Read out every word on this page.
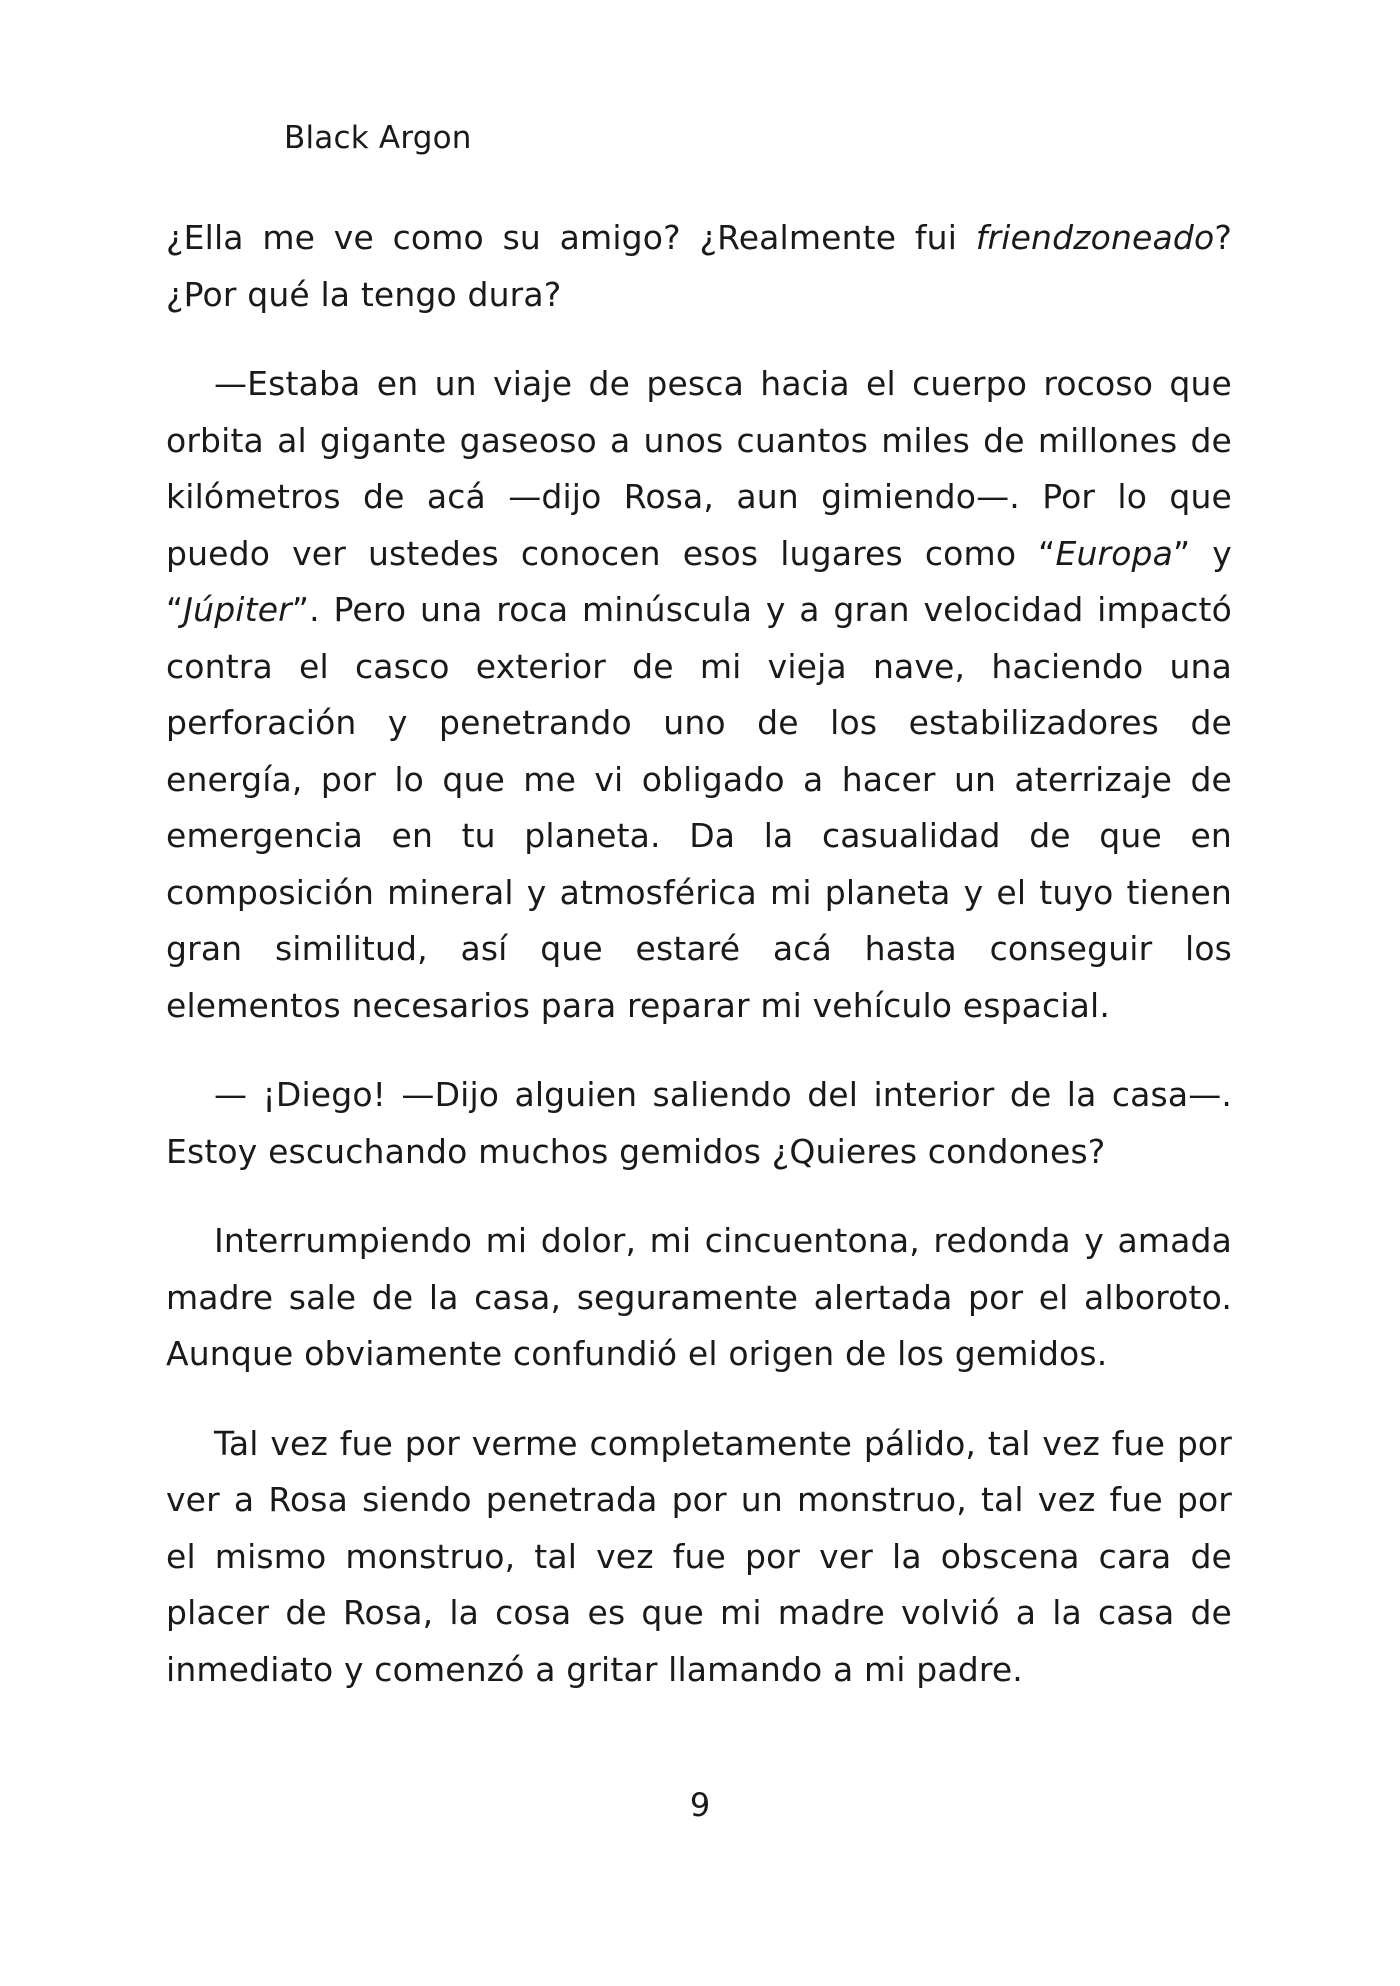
Black Argon

¿Ella me ve como su amigo? ¿Realmente fui friendzoneado? ¿Por qué la tengo dura?

—Estaba en un viaje de pesca hacia el cuerpo rocoso que orbita al gigante gaseoso a unos cuantos miles de millones de kilómetros de acá —dijo Rosa, aun gimiendo—. Por lo que puedo ver ustedes conocen esos lugares como “Europa” y “Júpiter”. Pero una roca minúscula y a gran velocidad impactó contra el casco exterior de mi vieja nave, haciendo una perforación y penetrando uno de los estabilizadores de energía, por lo que me vi obligado a hacer un aterrizaje de emergencia en tu planeta. Da la casualidad de que en composición mineral y atmosférica mi planeta y el tuyo tienen gran similitud, así que estaré acá hasta conseguir los elementos necesarios para reparar mi vehículo espacial.

— ¡Diego! —Dijo alguien saliendo del interior de la casa—. Estoy escuchando muchos gemidos ¿Quieres condones?

Interrumpiendo mi dolor, mi cincuentona, redonda y amada madre sale de la casa, seguramente alertada por el alboroto. Aunque obviamente confundió el origen de los gemidos.

Tal vez fue por verme completamente pálido, tal vez fue por ver a Rosa siendo penetrada por un monstruo, tal vez fue por el mismo monstruo, tal vez fue por ver la obscena cara de placer de Rosa, la cosa es que mi madre volvió a la casa de inmediato y comenzó a gritar llamando a mi padre.

9
